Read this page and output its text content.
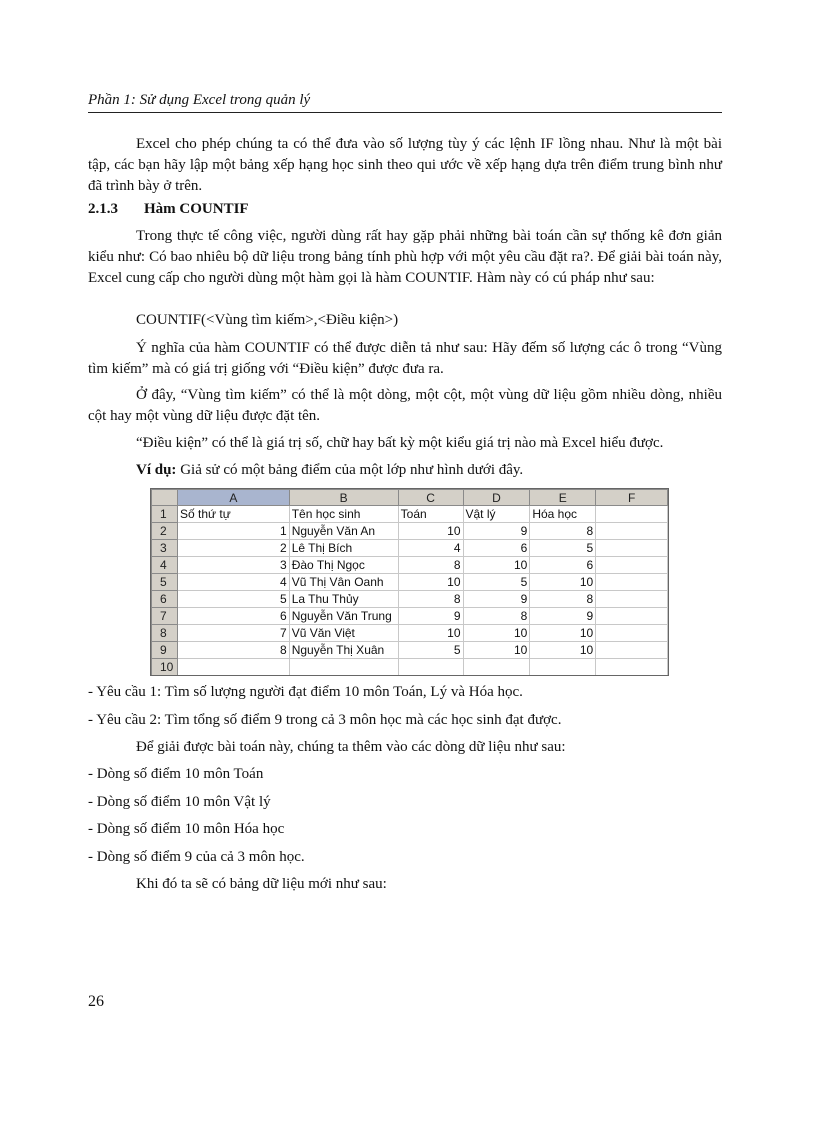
Phần 1: Sử dụng Excel trong quản lý
Excel cho phép chúng ta có thể đưa vào số lượng tùy ý các lệnh IF lồng nhau. Như là một bài tập, các bạn hãy lập một bảng xếp hạng học sinh theo qui ước về xếp hạng dựa trên điểm trung bình như đã trình bày ở trên.
2.1.3 Hàm COUNTIF
Trong thực tế công việc, người dùng rất hay gặp phải những bài toán cần sự thống kê đơn giản kiểu như: Có bao nhiêu bộ dữ liệu trong bảng tính phù hợp với một yêu cầu đặt ra?. Để giải bài toán này, Excel cung cấp cho người dùng một hàm gọi là hàm COUNTIF. Hàm này có cú pháp như sau:
COUNTIF(<Vùng tìm kiếm>,<Điều kiện>)
Ý nghĩa của hàm COUNTIF có thể được diễn tả như sau: Hãy đếm số lượng các ô trong “Vùng tìm kiếm” mà có giá trị giống với “Điều kiện” được đưa ra.
Ở đây, “Vùng tìm kiếm” có thể là một dòng, một cột, một vùng dữ liệu gồm nhiều dòng, nhiều cột hay một vùng dữ liệu được đặt tên.
“Điều kiện” có thể là giá trị số, chữ hay bất kỳ một kiểu giá trị nào mà Excel hiểu được.
Ví dụ: Giả sử có một bảng điểm của một lớp như hình dưới đây.
	A	B	C	D	E	F
1	Số thứ tự	Tên học sinh	Toán	Vật lý	Hóa học	
2	1	Nguyễn Văn An	10	9	8	
3	2	Lê Thị Bích	4	6	5	
4	3	Đào Thị Ngọc	8	10	6	
5	4	Vũ Thị Vân Oanh	10	5	10	
6	5	La Thu Thủy	8	9	8	
7	6	Nguyễn Văn Trung	9	8	9	
8	7	Vũ Văn Việt	10	10	10	
9	8	Nguyễn Thị Xuân	5	10	10	
10						
- Yêu cầu 1: Tìm số lượng người đạt điểm 10 môn Toán, Lý và Hóa học.
- Yêu cầu 2: Tìm tổng số điểm 9 trong cả 3 môn học mà các học sinh đạt được.
Để giải được bài toán này, chúng ta thêm vào các dòng dữ liệu như sau:
- Dòng số điểm 10 môn Toán
- Dòng số điểm 10 môn Vật lý
- Dòng số điểm 10 môn Hóa học
- Dòng số điểm 9 của cả 3 môn học.
Khi đó ta sẽ có bảng dữ liệu mới như sau:
26
